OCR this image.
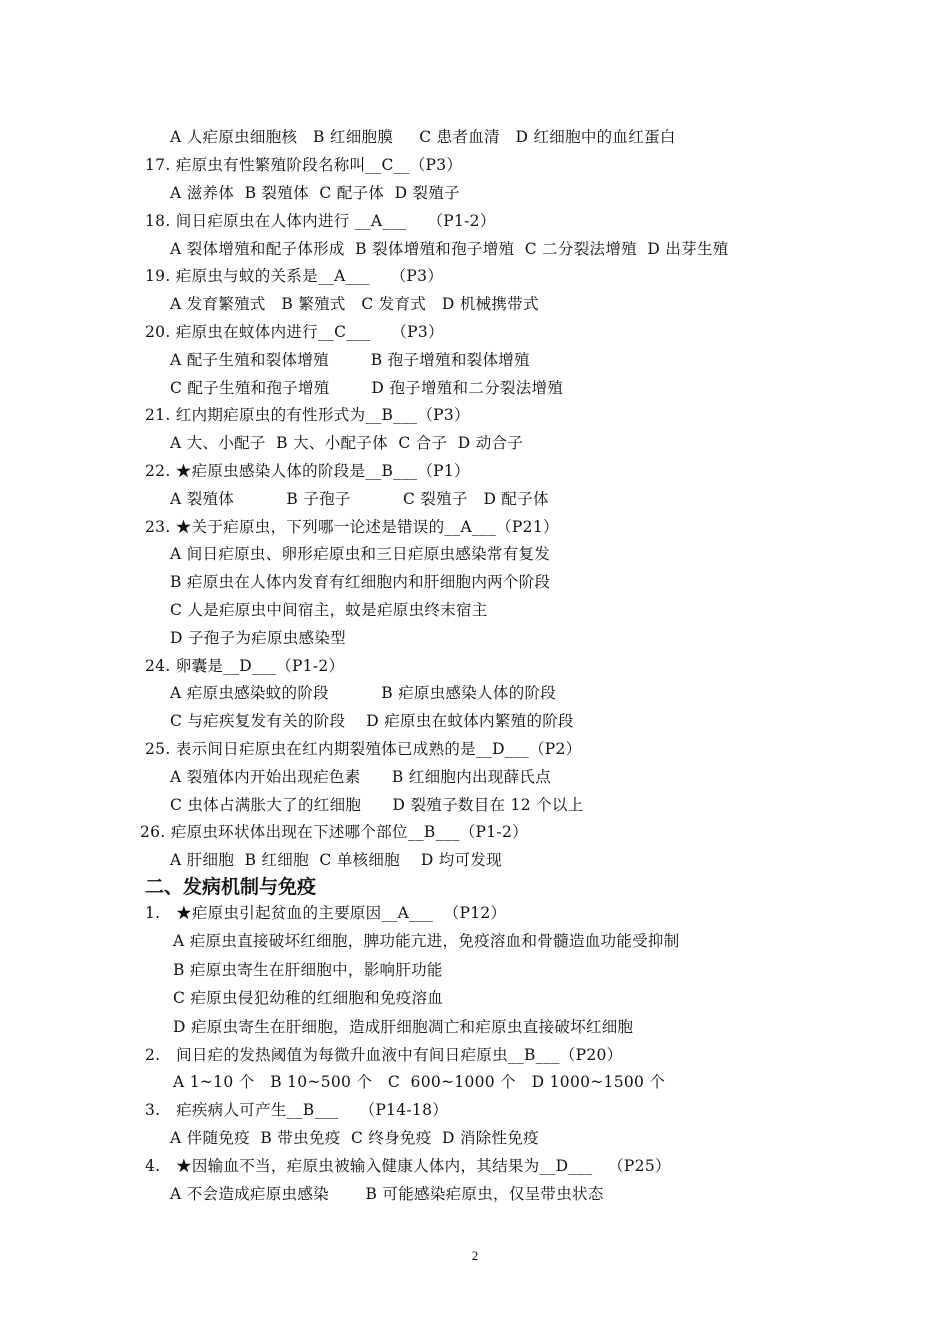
A 人疟原虫细胞核   B 红细胞膜     C 患者血清   D 红细胞中的血红蛋白
17. 疟原虫有性繁殖阶段名称叫__C__（P3）
A 滋养体  B 裂殖体  C 配子体  D 裂殖子
18. 间日疟原虫在人体内进行 __A___    （P1-2）
A 裂体增殖和配子体形成  B 裂体增殖和孢子增殖  C 二分裂法增殖  D 出芽生殖
19. 疟原虫与蚊的关系是__A___    （P3）
A 发育繁殖式   B 繁殖式   C 发育式   D 机械携带式
20. 疟原虫在蚊体内进行__C___    （P3）
A 配子生殖和裂体增殖        B 孢子增殖和裂体增殖
C 配子生殖和孢子增殖        D 孢子增殖和二分裂法增殖
21. 红内期疟原虫的有性形式为__B___（P3）
A 大、小配子  B 大、小配子体  C 合子  D 动合子
22. ★疟原虫感染人体的阶段是__B___（P1）
A 裂殖体          B 子孢子          C 裂殖子   D 配子体
23. ★关于疟原虫，下列哪一论述是错误的__A___（P21）
A 间日疟原虫、卵形疟原虫和三日疟原虫感染常有复发
B 疟原虫在人体内发育有红细胞内和肝细胞内两个阶段
C 人是疟原虫中间宿主，蚊是疟原虫终末宿主
D 子孢子为疟原虫感染型
24. 卵囊是__D___（P1-2）
A 疟原虫感染蚊的阶段          B 疟原虫感染人体的阶段
C 与疟疾复发有关的阶段    D 疟原虫在蚊体内繁殖的阶段
25. 表示间日疟原虫在红内期裂殖体已成熟的是__D___（P2）
A 裂殖体内开始出现疟色素      B 红细胞内出现薛氏点
C 虫体占满胀大了的红细胞      D 裂殖子数目在 12 个以上
26. 疟原虫环状体出现在下述哪个部位__B___（P1-2）
A 肝细胞  B 红细胞  C 单核细胞    D 均可发现
二、发病机制与免疫
1.   ★疟原虫引起贫血的主要原因__A___  （P12）
A 疟原虫直接破坏红细胞，脾功能亢进，免疫溶血和骨髓造血功能受抑制
B 疟原虫寄生在肝细胞中，影响肝功能
C 疟原虫侵犯幼稚的红细胞和免疫溶血
D 疟原虫寄生在肝细胞，造成肝细胞凋亡和疟原虫直接破坏红细胞
2.   间日疟的发热阈值为每微升血液中有间日疟原虫__B___（P20）
A 1~10 个   B 10~500 个   C  600~1000 个   D 1000~1500 个
3.   疟疾病人可产生__B___    （P14-18）
A 伴随免疫  B 带虫免疫  C 终身免疫  D 消除性免疫
4.   ★因输血不当，疟原虫被输入健康人体内，其结果为__D___   （P25）
A 不会造成疟原虫感染       B 可能感染疟原虫，仅呈带虫状态
2
